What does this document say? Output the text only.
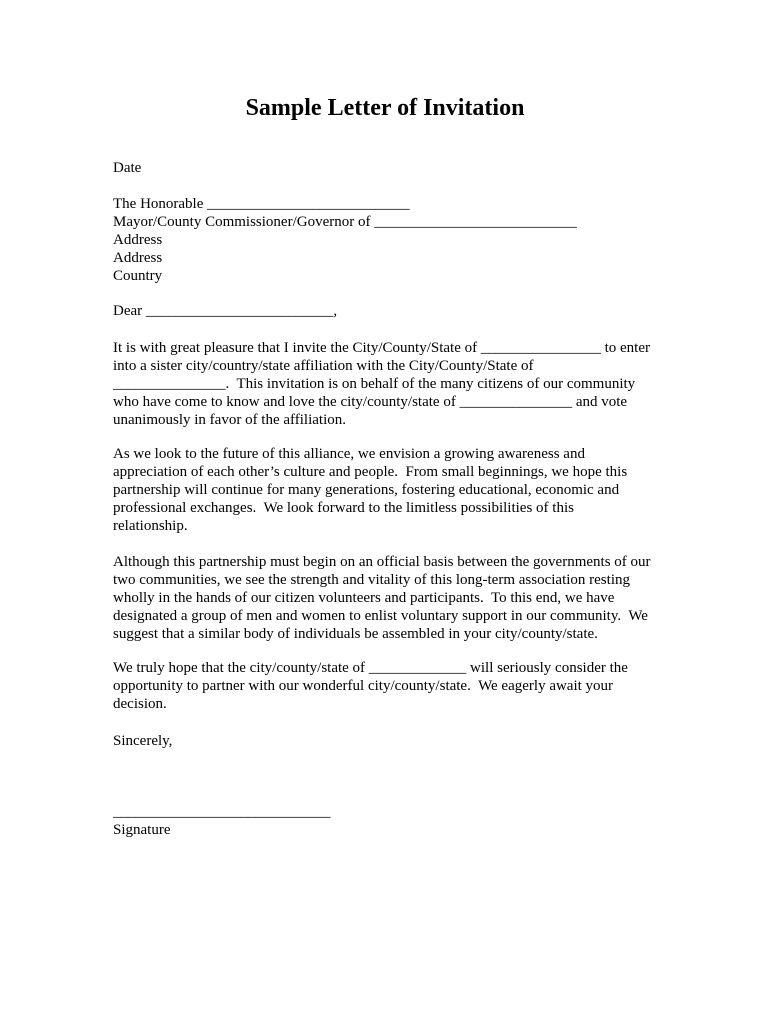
Sample Letter of Invitation
Date
The Honorable ___________________________
Mayor/County Commissioner/Governor of ___________________________
Address
Address
Country
Dear _________________________,
It is with great pleasure that I invite the City/County/State of ________________ to enter
into a sister city/country/state affiliation with the City/County/State of
_______________.  This invitation is on behalf of the many citizens of our community
who have come to know and love the city/county/state of _______________ and vote
unanimously in favor of the affiliation.
As we look to the future of this alliance, we envision a growing awareness and
appreciation of each other’s culture and people.  From small beginnings, we hope this
partnership will continue for many generations, fostering educational, economic and
professional exchanges.  We look forward to the limitless possibilities of this
relationship.
Although this partnership must begin on an official basis between the governments of our
two communities, we see the strength and vitality of this long-term association resting
wholly in the hands of our citizen volunteers and participants.  To this end, we have
designated a group of men and women to enlist voluntary support in our community.  We
suggest that a similar body of individuals be assembled in your city/county/state.
We truly hope that the city/county/state of _____________ will seriously consider the
opportunity to partner with our wonderful city/county/state.  We eagerly await your
decision.
Sincerely,
_____________________________
Signature
